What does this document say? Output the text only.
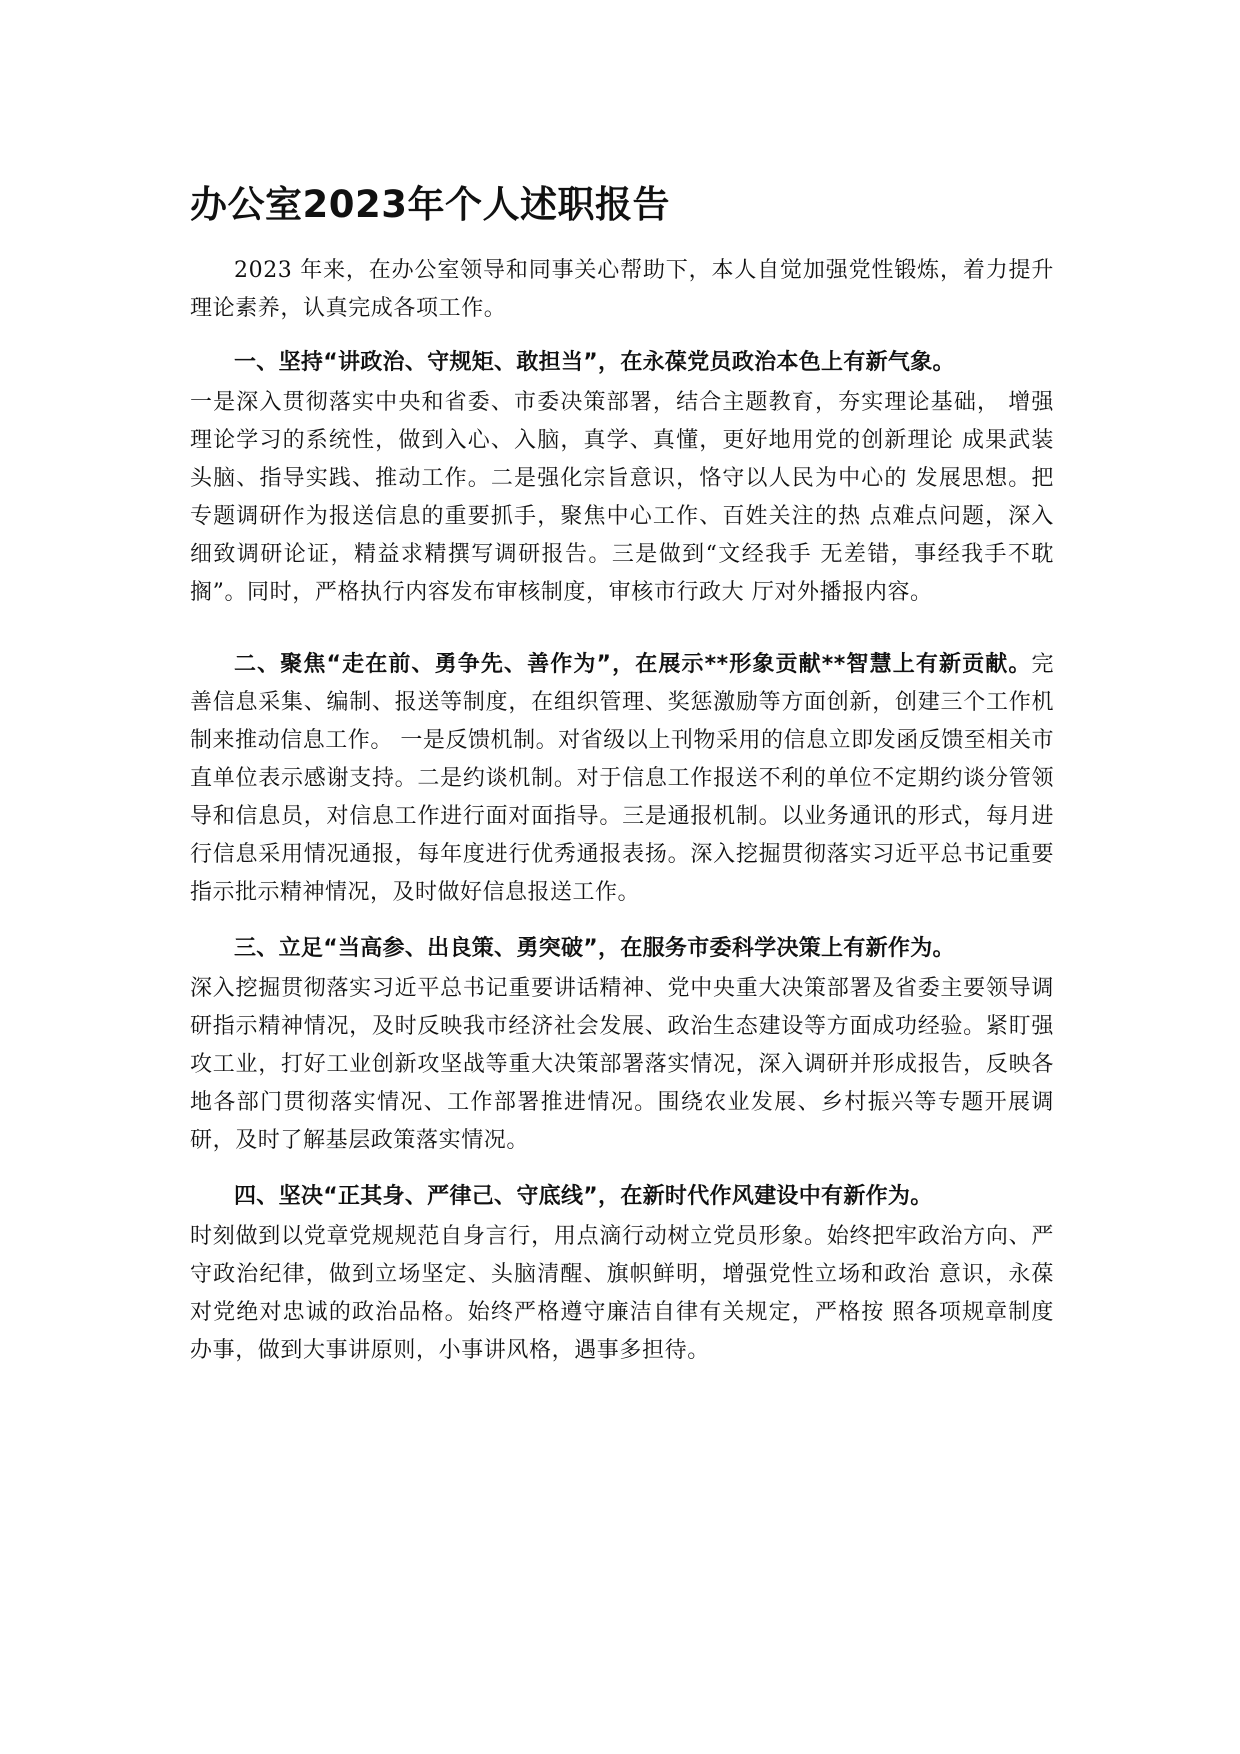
办公室2023年个人述职报告

2023 年来，在办公室领导和同事关心帮助下，本人自觉加强党性锻炼，着力提升理论素养，认真完成各项工作。

一、坚持“讲政治、守规矩、敢担当”，在永葆党员政治本色上有新气象。

一是深入贯彻落实中央和省委、市委决策部署，结合主题教育，夯实理论基础， 增强理论学习的系统性，做到入心、入脑，真学、真懂，更好地用党的创新理论 成果武装头脑、指导实践、推动工作。二是强化宗旨意识，恪守以人民为中心的 发展思想。把专题调研作为报送信息的重要抓手，聚焦中心工作、百姓关注的热 点难点问题，深入细致调研论证，精益求精撰写调研报告。三是做到“文经我手 无差错，事经我手不耽搁”。同时，严格执行内容发布审核制度，审核市行政大 厅对外播报内容。

二、聚焦“走在前、勇争先、善作为”，在展示**形象贡献**智慧上有新贡献。完善信息采集、编制、报送等制度，在组织管理、奖惩激励等方面创新，创建三个工作机制来推动信息工作。 一是反馈机制。对省级以上刊物采用的信息立即发函反馈至相关市直单位表示感谢支持。二是约谈机制。对于信息工作报送不利的单位不定期约谈分管领导和信息员，对信息工作进行面对面指导。三是通报机制。以业务通讯的形式，每月进行信息采用情况通报，每年度进行优秀通报表扬。深入挖掘贯彻落实习近平总书记重要指示批示精神情况，及时做好信息报送工作。

三、立足“当高参、出良策、勇突破”，在服务市委科学决策上有新作为。

深入挖掘贯彻落实习近平总书记重要讲话精神、党中央重大决策部署及省委主要领导调研指示精神情况，及时反映我市经济社会发展、政治生态建设等方面成功经验。紧盯强攻工业，打好工业创新攻坚战等重大决策部署落实情况，深入调研并形成报告，反映各地各部门贯彻落实情况、工作部署推进情况。围绕农业发展、乡村振兴等专题开展调研，及时了解基层政策落实情况。

四、坚决“正其身、严律己、守底线”，在新时代作风建设中有新作为。

时刻做到以党章党规规范自身言行，用点滴行动树立党员形象。始终把牢政治方向、严守政治纪律，做到立场坚定、头脑清醒、旗帜鲜明，增强党性立场和政治 意识，永葆对党绝对忠诚的政治品格。始终严格遵守廉洁自律有关规定，严格按 照各项规章制度办事，做到大事讲原则，小事讲风格，遇事多担待。
